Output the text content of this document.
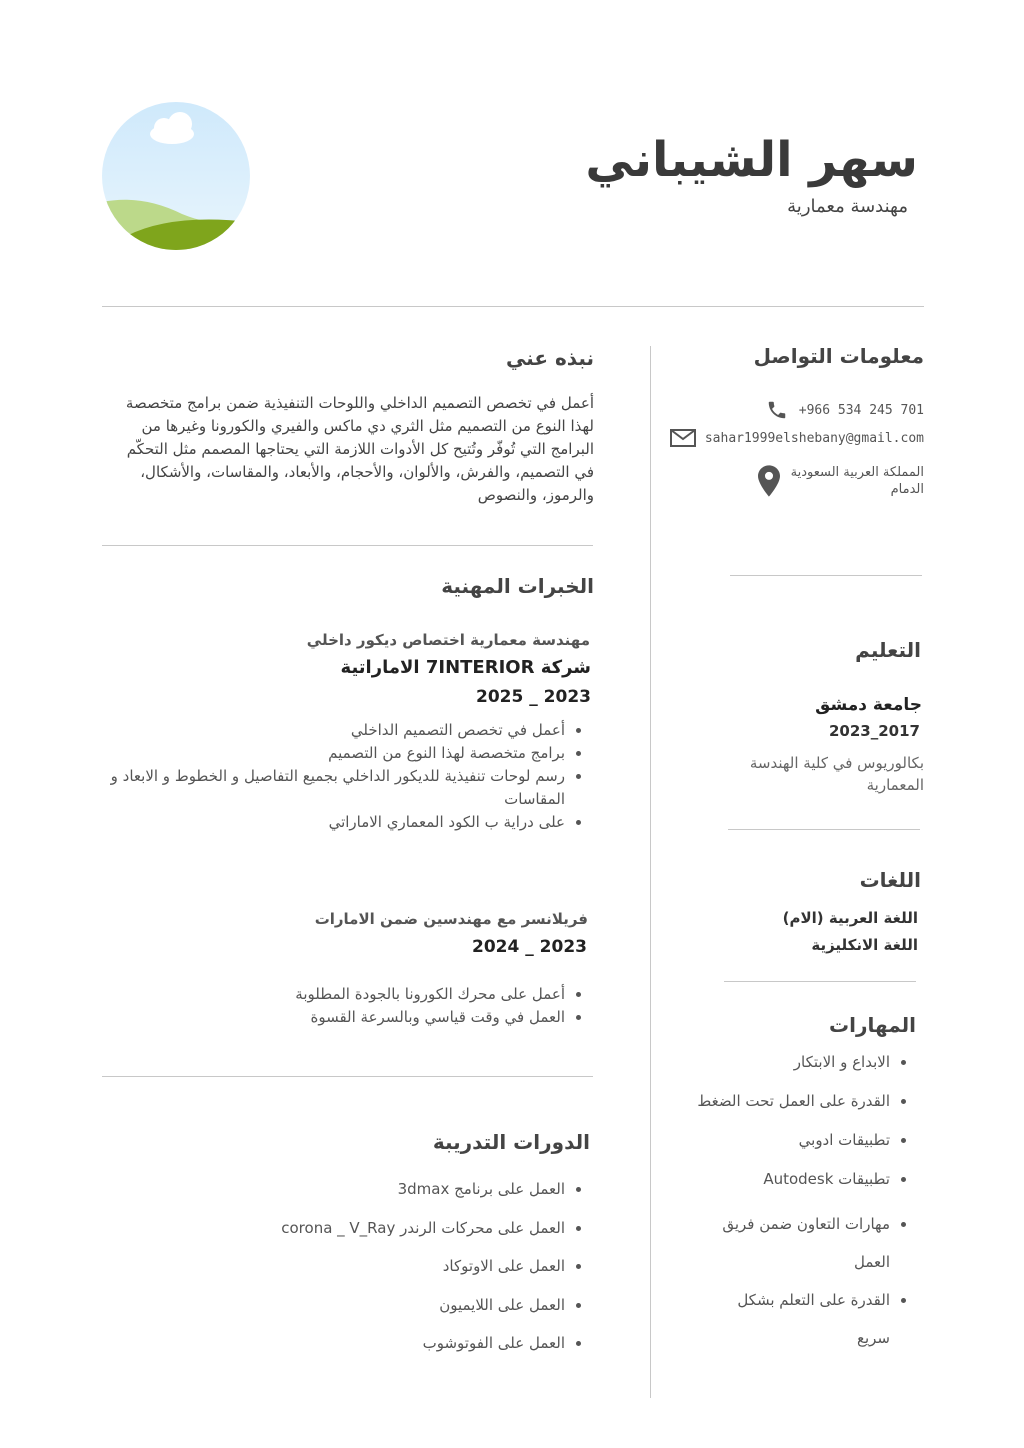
سهر الشيباني
مهندسة معمارية
معلومات التواصل
+966 534 245 701
sahar1999elshebany@gmail.com
المملكة العربية السعودية
الدمام
التعليم
جامعة دمشق
2017_2023
بكالوريوس في كلية الهندسة المعمارية
اللغات
اللغة العربية (الام)
اللغة الانكليزية
المهارات
• الابداع و الابتكار
• القدرة على العمل تحت الضغط
• تطبيقات ادوبي
• تطبيقات Autodesk
• مهارات التعاون ضمن فريق العمل
• القدرة على التعلم بشكل سريع
نبذه عني
أعمل في تخصص التصميم الداخلي واللوحات التنفيذية ضمن برامج متخصصة لهذا النوع من التصميم مثل الثري دي ماكس والفيري والكورونا وغيرها من البرامج التي تُوفّر وتُتيح كل الأدوات اللازمة التي يحتاجها المصمم مثل التحكّم في التصميم، والفرش، والألوان، والأحجام، والأبعاد، والمقاسات، والأشكال، والرموز، والنصوص
الخبرات المهنية
مهندسة معمارية اختصاص ديكور داخلي
شركة 7INTERIOR الاماراتية
2023 _ 2025
• أعمل في تخصص التصميم الداخلي
• برامج متخصصة لهذا النوع من التصميم
• رسم لوحات تنفيذية للديكور الداخلي بجميع التفاصيل و الخطوط و الابعاد و المقاسات
• على دراية ب الكود المعماري الاماراتي
فريلانسر مع مهندسين ضمن الامارات
2023 _ 2024
• أعمل على محرك الكورونا بالجودة المطلوبة
• العمل في وقت قياسي وبالسرعة القسوة
الدورات التدريبة
• العمل على برنامج 3dmax
• العمل على محركات الرندر corona _ V_Ray
• العمل على الاوتوكاد
• العمل على اللايميون
• العمل على الفوتوشوب
